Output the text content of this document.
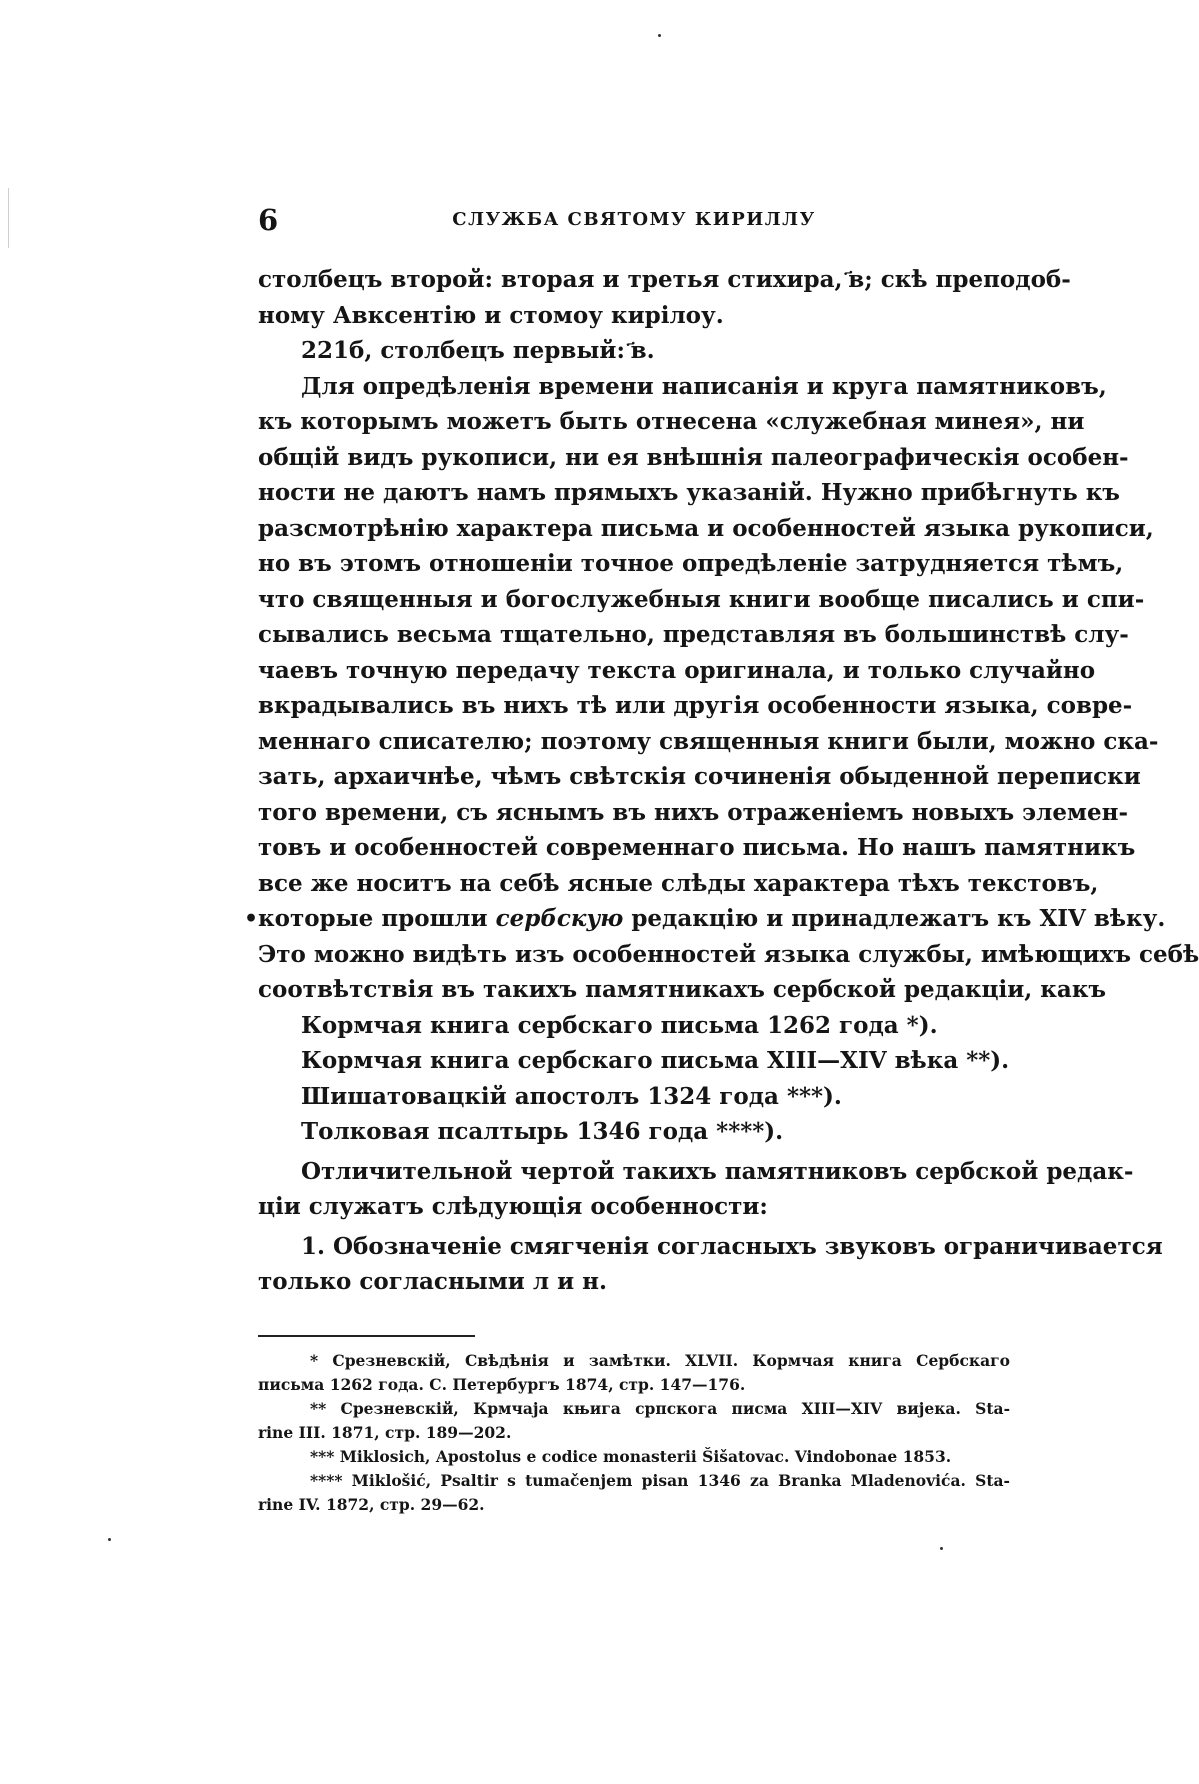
6	СЛУЖБА СВЯТОМУ КИРИЛЛУ
•
столбецъ второй: вторая и третья стихира, ҃в; скѣ преподоб-
ному Авксентію и стомоу кирілоу.
221б, столбецъ первый: ҃в.
Для опредѣленія времени написанія и круга памятниковъ,
къ которымъ можетъ быть отнесена «служебная минея», ни
общій видъ рукописи, ни ея внѣшнія палеографическія особен-
ности не даютъ намъ прямыхъ указаній. Нужно прибѣгнуть къ
разсмотрѣнію характера письма и особенностей языка рукописи,
но въ этомъ отношеніи точное опредѣленіе затрудняется тѣмъ,
что священныя и богослужебныя книги вообще писались и спи-
сывались весьма тщательно, представляя въ большинствѣ слу-
чаевъ точную передачу текста оригинала, и только случайно
вкрадывались въ нихъ тѣ или другія особенности языка, совре-
меннаго списателю; поэтому священныя книги были, можно ска-
зать, архаичнѣе, чѣмъ свѣтскія сочиненія обыденной переписки
того времени, съ яснымъ въ нихъ отраженіемъ новыхъ элемен-
товъ и особенностей современнаго письма. Но нашъ памятникъ
все же носитъ на себѣ ясные слѣды характера тѣхъ текстовъ,
которые прошли сербскую редакцію и принадлежатъ къ XIV вѣку.
Это можно видѣть изъ особенностей языка службы, имѣющихъ себѣ
соотвѣтствія въ такихъ памятникахъ сербской редакціи, какъ
Кормчая книга сербскаго письма 1262 года *).
Кормчая книга сербскаго письма XIII—XIV вѣка **).
Шишатовацкій апостолъ 1324 года ***).
Толковая псалтырь 1346 года ****).
Отличительной чертой такихъ памятниковъ сербской редак-
ціи служатъ слѣдующія особенности:
1. Обозначеніе смягченія согласныхъ звуковъ ограничивается
только согласными л и н.
* Срезневскій, Свѣдѣнія и замѣтки. XLVII. Кормчая книга Сербскаго
письма 1262 года. С. Петербургъ 1874, стр. 147—176.
** Срезневскій, Крмчаjа књига српскога писма XIII—XIV виjека. Sta-
rine III. 1871, стр. 189—202.
*** Miklosich, Apostolus e codice monasterii Šišatovac. Vindobonae 1853.
**** Miklošić, Psaltir s tumačenjem pisan 1346 za Branka Mladenovića. Sta-
rine IV. 1872, стр. 29—62.
